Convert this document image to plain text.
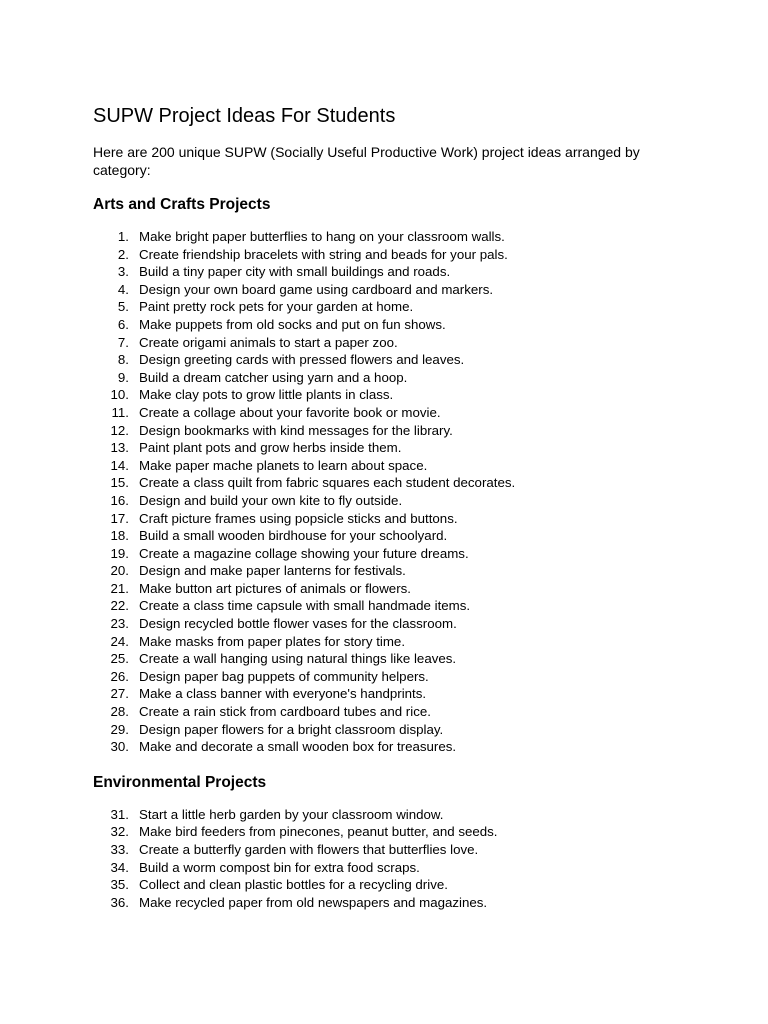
SUPW Project Ideas For Students

Here are 200 unique SUPW (Socially Useful Productive Work) project ideas arranged by category:

Arts and Crafts Projects
1. Make bright paper butterflies to hang on your classroom walls.
2. Create friendship bracelets with string and beads for your pals.
3. Build a tiny paper city with small buildings and roads.
4. Design your own board game using cardboard and markers.
5. Paint pretty rock pets for your garden at home.
6. Make puppets from old socks and put on fun shows.
7. Create origami animals to start a paper zoo.
8. Design greeting cards with pressed flowers and leaves.
9. Build a dream catcher using yarn and a hoop.
10. Make clay pots to grow little plants in class.
11. Create a collage about your favorite book or movie.
12. Design bookmarks with kind messages for the library.
13. Paint plant pots and grow herbs inside them.
14. Make paper mache planets to learn about space.
15. Create a class quilt from fabric squares each student decorates.
16. Design and build your own kite to fly outside.
17. Craft picture frames using popsicle sticks and buttons.
18. Build a small wooden birdhouse for your schoolyard.
19. Create a magazine collage showing your future dreams.
20. Design and make paper lanterns for festivals.
21. Make button art pictures of animals or flowers.
22. Create a class time capsule with small handmade items.
23. Design recycled bottle flower vases for the classroom.
24. Make masks from paper plates for story time.
25. Create a wall hanging using natural things like leaves.
26. Design paper bag puppets of community helpers.
27. Make a class banner with everyone's handprints.
28. Create a rain stick from cardboard tubes and rice.
29. Design paper flowers for a bright classroom display.
30. Make and decorate a small wooden box for treasures.
Environmental Projects
31. Start a little herb garden by your classroom window.
32. Make bird feeders from pinecones, peanut butter, and seeds.
33. Create a butterfly garden with flowers that butterflies love.
34. Build a worm compost bin for extra food scraps.
35. Collect and clean plastic bottles for a recycling drive.
36. Make recycled paper from old newspapers and magazines.
